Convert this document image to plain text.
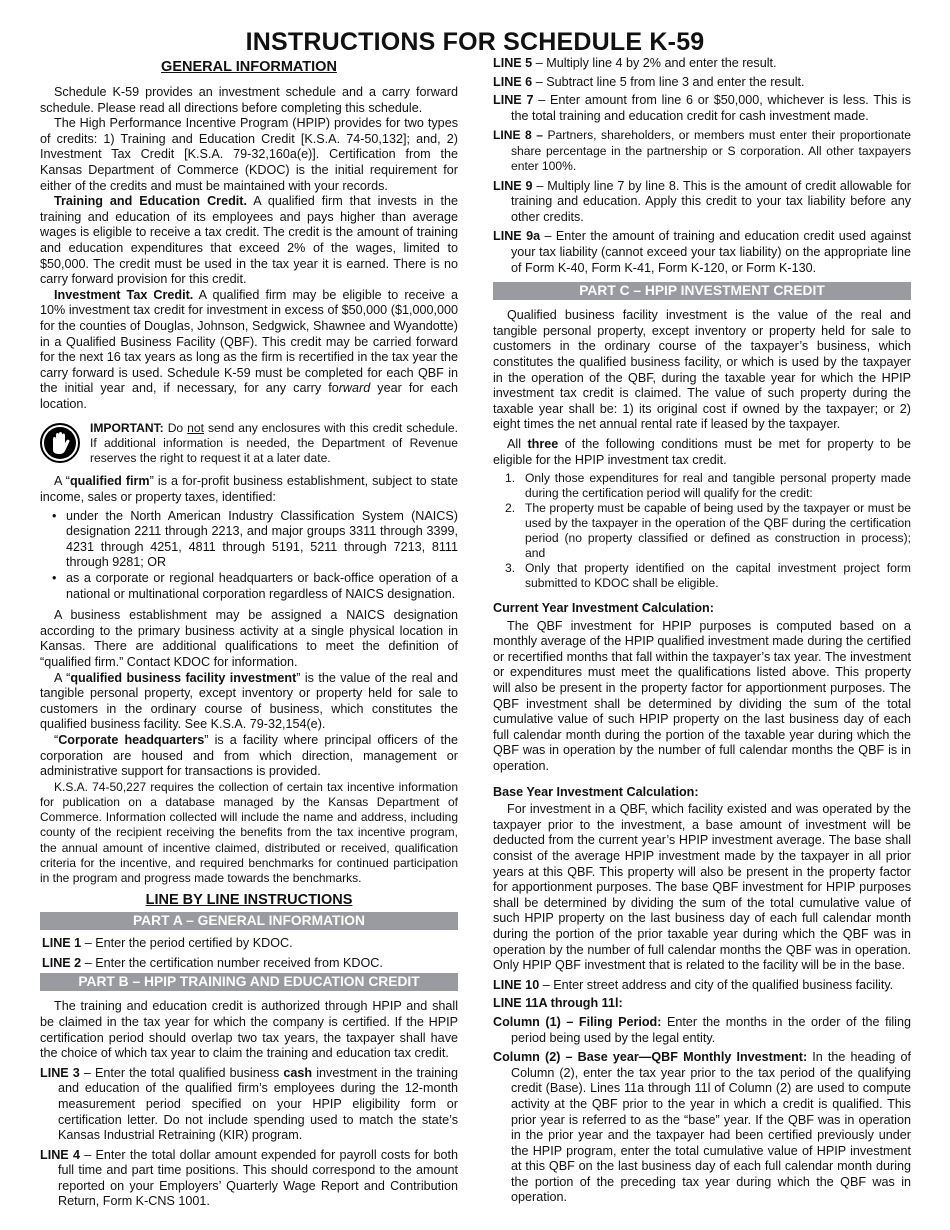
INSTRUCTIONS FOR SCHEDULE K-59
GENERAL INFORMATION

Schedule K-59 provides an investment schedule and a carry forward schedule. Please read all directions before completing this schedule.

The High Performance Incentive Program (HPIP) provides for two types of credits: 1) Training and Education Credit [K.S.A. 74-50,132]; and, 2) Investment Tax Credit [K.S.A. 79-32,160a(e)]. Certification from the Kansas Department of Commerce (KDOC) is the initial requirement for either of the credits and must be maintained with your records.

Training and Education Credit. A qualified firm that invests in the training and education of its employees and pays higher than average wages is eligible to receive a tax credit. The credit is the amount of training and education expenditures that exceed 2% of the wages, limited to $50,000. The credit must be used in the tax year it is earned. There is no carry forward provision for this credit.

Investment Tax Credit. A qualified firm may be eligible to receive a 10% investment tax credit for investment in excess of $50,000 ($1,000,000 for the counties of Douglas, Johnson, Sedgwick, Shawnee and Wyandotte) in a Qualified Business Facility (QBF). This credit may be carried forward for the next 16 tax years as long as the firm is recertified in the tax year the carry forward is used. Schedule K-59 must be completed for each QBF in the initial year and, if necessary, for any carry forward year for each location.

IMPORTANT: Do not send any enclosures with this credit schedule. If additional information is needed, the Department of Revenue reserves the right to request it at a later date.

A “qualified firm” is a for-profit business establishment, subject to state income, sales or property taxes, identified:

• under the North American Industry Classification System (NAICS) designation 2211 through 2213, and major groups 3311 through 3399, 4231 through 4251, 4811 through 5191, 5211 through 7213, 8111 through 9281; OR
• as a corporate or regional headquarters or back-office operation of a national or multinational corporation regardless of NAICS designation.

A business establishment may be assigned a NAICS designation according to the primary business activity at a single physical location in Kansas. There are additional qualifications to meet the definition of “qualified firm.” Contact KDOC for information.

A “qualified business facility investment” is the value of the real and tangible personal property, except inventory or property held for sale to customers in the ordinary course of business, which constitutes the qualified business facility. See K.S.A. 79-32,154(e).

“Corporate headquarters” is a facility where principal officers of the corporation are housed and from which direction, management or administrative support for transactions is provided.

K.S.A. 74-50,227 requires the collection of certain tax incentive information for publication on a database managed by the Kansas Department of Commerce. Information collected will include the name and address, including county of the recipient receiving the benefits from the tax incentive program, the annual amount of incentive claimed, distributed or received, qualification criteria for the incentive, and required benchmarks for continued participation in the program and progress made towards the benchmarks.

LINE BY LINE INSTRUCTIONS
PART A – GENERAL INFORMATION

LINE 1 – Enter the period certified by KDOC.

LINE 2 – Enter the certification number received from KDOC.

PART B – HPIP TRAINING AND EDUCATION CREDIT

The training and education credit is authorized through HPIP and shall be claimed in the tax year for which the company is certified. If the HPIP certification period should overlap two tax years, the taxpayer shall have the choice of which tax year to claim the training and education tax credit.

LINE 3 – Enter the total qualified business cash investment in the training and education of the qualified firm’s employees during the 12-month measurement period specified on your HPIP eligibility form or certification letter. Do not include spending used to match the state’s Kansas Industrial Retraining (KIR) program.

LINE 4 – Enter the total dollar amount expended for payroll costs for both full time and part time positions. This should correspond to the amount reported on your Employers’ Quarterly Wage Report and Contribution Return, Form K-CNS 1001.

LINE 5 – Multiply line 4 by 2% and enter the result.

LINE 6 – Subtract line 5 from line 3 and enter the result.

LINE 7 – Enter amount from line 6 or $50,000, whichever is less. This is the total training and education credit for cash investment made.

LINE 8 – Partners, shareholders, or members must enter their proportionate share percentage in the partnership or S corporation. All other taxpayers enter 100%.

LINE 9 – Multiply line 7 by line 8. This is the amount of credit allowable for training and education. Apply this credit to your tax liability before any other credits.

LINE 9a – Enter the amount of training and education credit used against your tax liability (cannot exceed your tax liability) on the appropriate line of Form K-40, Form K-41, Form K-120, or Form K-130.

PART C – HPIP INVESTMENT CREDIT

Qualified business facility investment is the value of the real and tangible personal property, except inventory or property held for sale to customers in the ordinary course of the taxpayer’s business, which constitutes the qualified business facility, or which is used by the taxpayer in the operation of the QBF, during the taxable year for which the HPIP investment tax credit is claimed. The value of such property during the taxable year shall be: 1) its original cost if owned by the taxpayer; or 2) eight times the net annual rental rate if leased by the taxpayer.

All three of the following conditions must be met for property to be eligible for the HPIP investment tax credit.

1. Only those expenditures for real and tangible personal property made during the certification period will qualify for the credit:
2. The property must be capable of being used by the taxpayer or must be used by the taxpayer in the operation of the QBF during the certification period (no property classified or defined as construction in process); and
3. Only that property identified on the capital investment project form submitted to KDOC shall be eligible.

Current Year Investment Calculation:

The QBF investment for HPIP purposes is computed based on a monthly average of the HPIP qualified investment made during the certified or recertified months that fall within the taxpayer’s tax year. The investment or expenditures must meet the qualifications listed above. This property will also be present in the property factor for apportionment purposes. The QBF investment shall be determined by dividing the sum of the total cumulative value of such HPIP property on the last business day of each full calendar month during the portion of the taxable year during which the QBF was in operation by the number of full calendar months the QBF is in operation.

Base Year Investment Calculation:

For investment in a QBF, which facility existed and was operated by the taxpayer prior to the investment, a base amount of investment will be deducted from the current year’s HPIP investment average. The base shall consist of the average HPIP investment made by the taxpayer in all prior years at this QBF. This property will also be present in the property factor for apportionment purposes. The base QBF investment for HPIP purposes shall be determined by dividing the sum of the total cumulative value of such HPIP property on the last business day of each full calendar month during the portion of the prior taxable year during which the QBF was in operation by the number of full calendar months the QBF was in operation. Only HPIP QBF investment that is related to the facility will be in the base.

LINE 10 – Enter street address and city of the qualified business facility.

LINE 11A through 11l:

Column (1) – Filing Period: Enter the months in the order of the filing period being used by the legal entity.

Column (2) – Base year—QBF Monthly Investment: In the heading of Column (2), enter the tax year prior to the tax period of the qualifying credit (Base). Lines 11a through 11l of Column (2) are used to compute activity at the QBF prior to the year in which a credit is qualified. This prior year is referred to as the “base” year. If the QBF was in operation in the prior year and the taxpayer had been certified previously under the HPIP program, enter the total cumulative value of HPIP investment at this QBF on the last business day of each full calendar month during the portion of the preceding tax year during which the QBF was in operation.
